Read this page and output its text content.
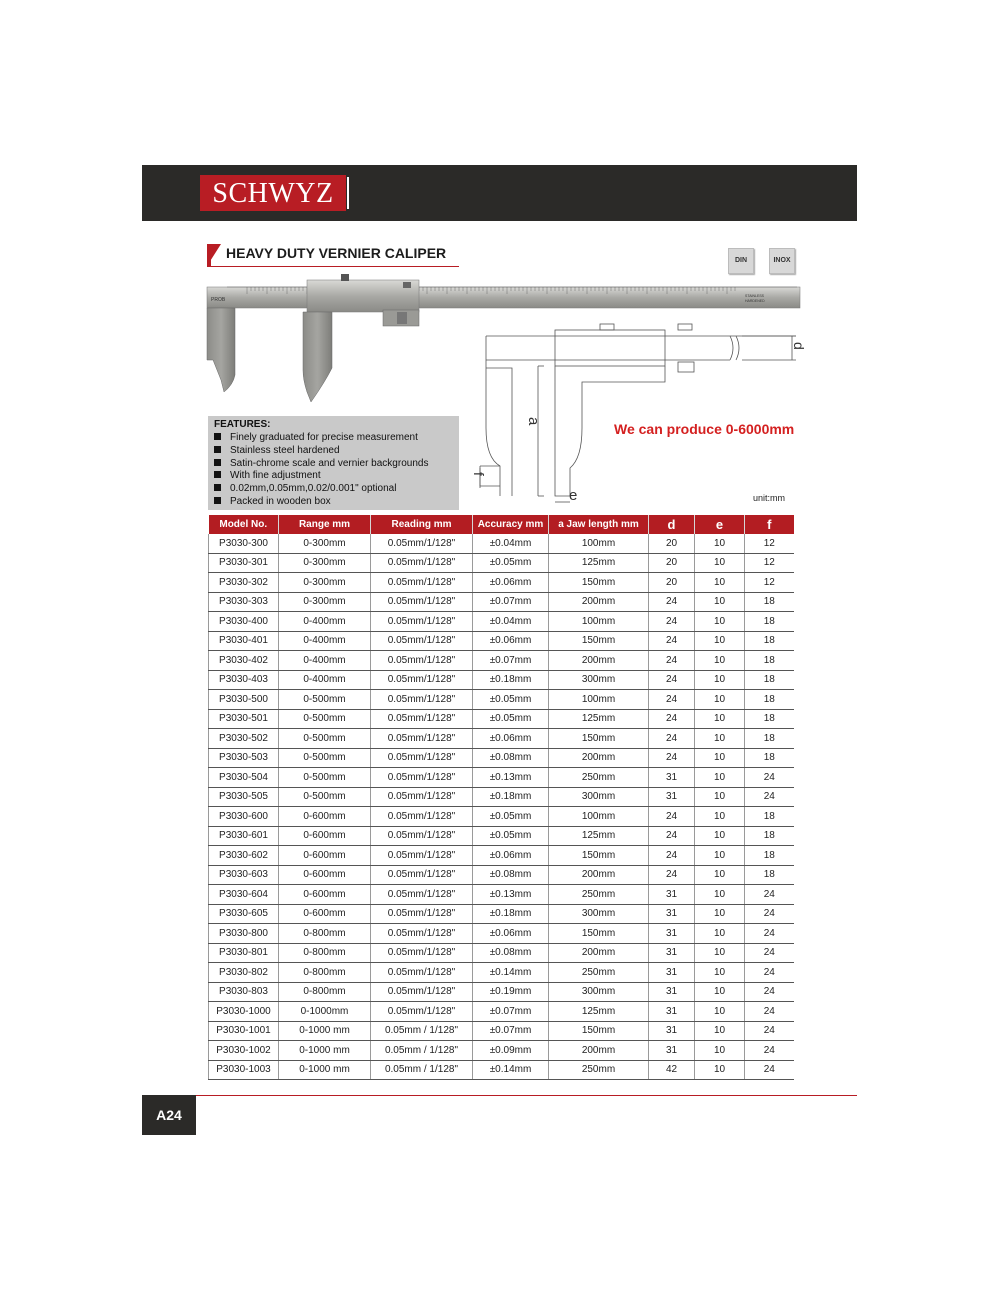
SCHWYZ
HEAVY DUTY VERNIER CALIPER	DIN	INOX
PROB
STAINLESS
HARDENED
FEATURES:
Finely graduated for precise measurement
Stainless steel hardened
Satin-chrome scale and vernier backgrounds
With fine adjustment
0.02mm,0.05mm,0.02/0.001" optional
Packed in wooden box
a
d
e
f
We can produce 0-6000mm
unit:mm
Model No.	Range mm	Reading mm	Accuracy mm	a Jaw length mm	d	e	f
P3030-300	0-300mm	0.05mm/1/128"	±0.04mm	100mm	20	10	12
P3030-301	0-300mm	0.05mm/1/128"	±0.05mm	125mm	20	10	12
P3030-302	0-300mm	0.05mm/1/128"	±0.06mm	150mm	20	10	12
P3030-303	0-300mm	0.05mm/1/128"	±0.07mm	200mm	24	10	18
P3030-400	0-400mm	0.05mm/1/128"	±0.04mm	100mm	24	10	18
P3030-401	0-400mm	0.05mm/1/128"	±0.06mm	150mm	24	10	18
P3030-402	0-400mm	0.05mm/1/128"	±0.07mm	200mm	24	10	18
P3030-403	0-400mm	0.05mm/1/128"	±0.18mm	300mm	24	10	18
P3030-500	0-500mm	0.05mm/1/128"	±0.05mm	100mm	24	10	18
P3030-501	0-500mm	0.05mm/1/128"	±0.05mm	125mm	24	10	18
P3030-502	0-500mm	0.05mm/1/128"	±0.06mm	150mm	24	10	18
P3030-503	0-500mm	0.05mm/1/128"	±0.08mm	200mm	24	10	18
P3030-504	0-500mm	0.05mm/1/128"	±0.13mm	250mm	31	10	24
P3030-505	0-500mm	0.05mm/1/128"	±0.18mm	300mm	31	10	24
P3030-600	0-600mm	0.05mm/1/128"	±0.05mm	100mm	24	10	18
P3030-601	0-600mm	0.05mm/1/128"	±0.05mm	125mm	24	10	18
P3030-602	0-600mm	0.05mm/1/128"	±0.06mm	150mm	24	10	18
P3030-603	0-600mm	0.05mm/1/128"	±0.08mm	200mm	24	10	18
P3030-604	0-600mm	0.05mm/1/128"	±0.13mm	250mm	31	10	24
P3030-605	0-600mm	0.05mm/1/128"	±0.18mm	300mm	31	10	24
P3030-800	0-800mm	0.05mm/1/128"	±0.06mm	150mm	31	10	24
P3030-801	0-800mm	0.05mm/1/128"	±0.08mm	200mm	31	10	24
P3030-802	0-800mm	0.05mm/1/128"	±0.14mm	250mm	31	10	24
P3030-803	0-800mm	0.05mm/1/128"	±0.19mm	300mm	31	10	24
P3030-1000	0-1000mm	0.05mm/1/128"	±0.07mm	125mm	31	10	24
P3030-1001	0-1000 mm	0.05mm / 1/128"	±0.07mm	150mm	31	10	24
P3030-1002	0-1000 mm	0.05mm / 1/128"	±0.09mm	200mm	31	10	24
P3030-1003	0-1000 mm	0.05mm / 1/128"	±0.14mm	250mm	42	10	24
A24
